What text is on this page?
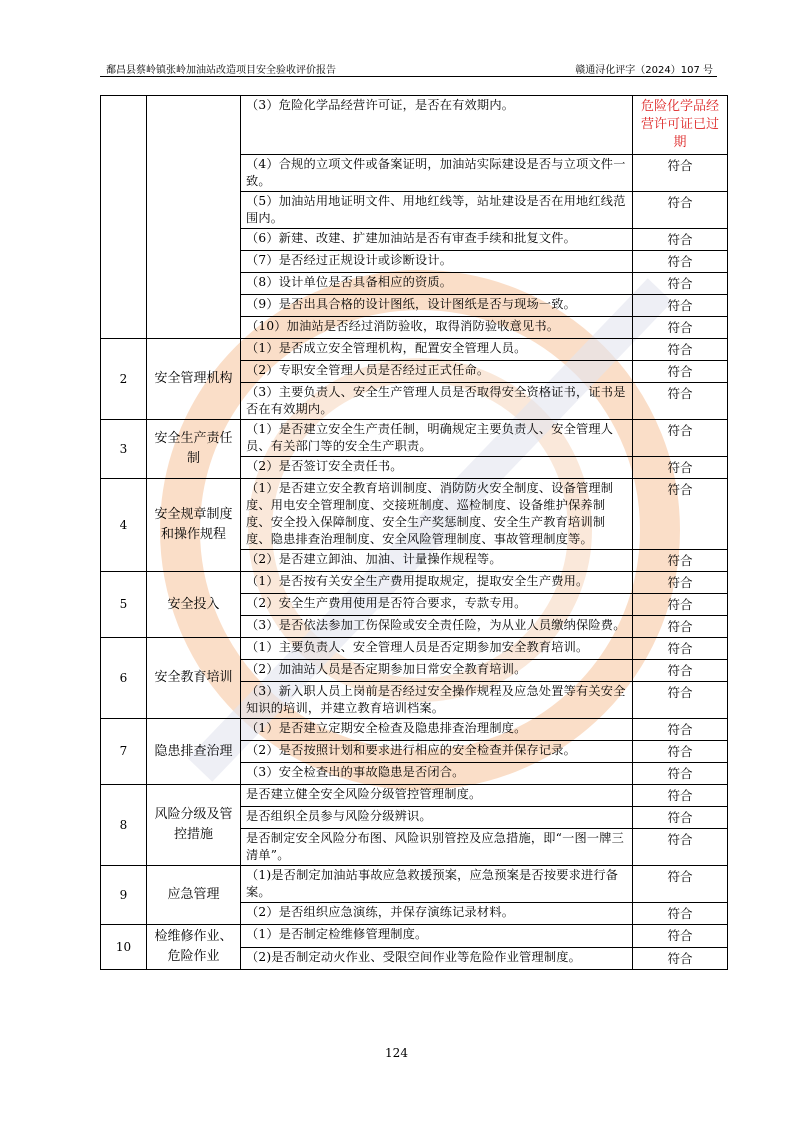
鄱昌县蔡岭镇张岭加油站改造项目安全验收评价报告	赣通浔化评字（2024）107 号
		（3）危险化学品经营许可证，是否在有效期内。	危险化学品经营许可证已过期
		（4）合规的立项文件或备案证明，加油站实际建设是否与立项文件一致。	符合
		（5）加油站用地证明文件、用地红线等，站址建设是否在用地红线范围内。	符合
		（6）新建、改建、扩建加油站是否有审查手续和批复文件。	符合
		（7）是否经过正规设计或诊断设计。	符合
		（8）设计单位是否具备相应的资质。	符合
		（9）是否出具合格的设计图纸，设计图纸是否与现场一致。	符合
		（10）加油站是否经过消防验收，取得消防验收意见书。	符合
2	安全管理机构	（1）是否成立安全管理机构，配置安全管理人员。	符合
		（2）专职安全管理人员是否经过正式任命。	符合
		（3）主要负责人、安全生产管理人员是否取得安全资格证书，证书是否在有效期内。	符合
3	安全生产责任制	（1）是否建立安全生产责任制，明确规定主要负责人、安全管理人员、有关部门等的安全生产职责。	符合
		（2）是否签订安全责任书。	符合
4	安全规章制度和操作规程	（1）是否建立安全教育培训制度、消防防火安全制度、设备管理制度、用电安全管理制度、交接班制度、巡检制度、设备维护保养制度、安全投入保障制度、安全生产奖惩制度、安全生产教育培训制度、隐患排查治理制度、安全风险管理制度、事故管理制度等。	符合
		（2）是否建立卸油、加油、计量操作规程等。	符合
5	安全投入	（1）是否按有关安全生产费用提取规定，提取安全生产费用。	符合
		（2）安全生产费用使用是否符合要求，专款专用。	符合
		（3）是否依法参加工伤保险或安全责任险，为从业人员缴纳保险费。	符合
6	安全教育培训	（1）主要负责人、安全管理人员是否定期参加安全教育培训。	符合
		（2）加油站人员是否定期参加日常安全教育培训。	符合
		（3）新入职人员上岗前是否经过安全操作规程及应急处置等有关安全知识的培训，并建立教育培训档案。	符合
7	隐患排查治理	（1）是否建立定期安全检查及隐患排查治理制度。	符合
		（2）是否按照计划和要求进行相应的安全检查并保存记录。	符合
		（3）安全检查出的事故隐患是否闭合。	符合
8	风险分级及管控措施	是否建立健全安全风险分级管控管理制度。	符合
		是否组织全员参与风险分级辨识。	符合
		是否制定安全风险分布图、风险识别管控及应急措施，即“一图一牌三清单”。	符合
9	应急管理	（1)是否制定加油站事故应急救援预案，应急预案是否按要求进行备案。	符合
		（2）是否组织应急演练，并保存演练记录材料。	符合
10	检维修作业、危险作业	（1）是否制定检维修管理制度。	符合
		（2)是否制定动火作业、受限空间作业等危险作业管理制度。	符合
124
